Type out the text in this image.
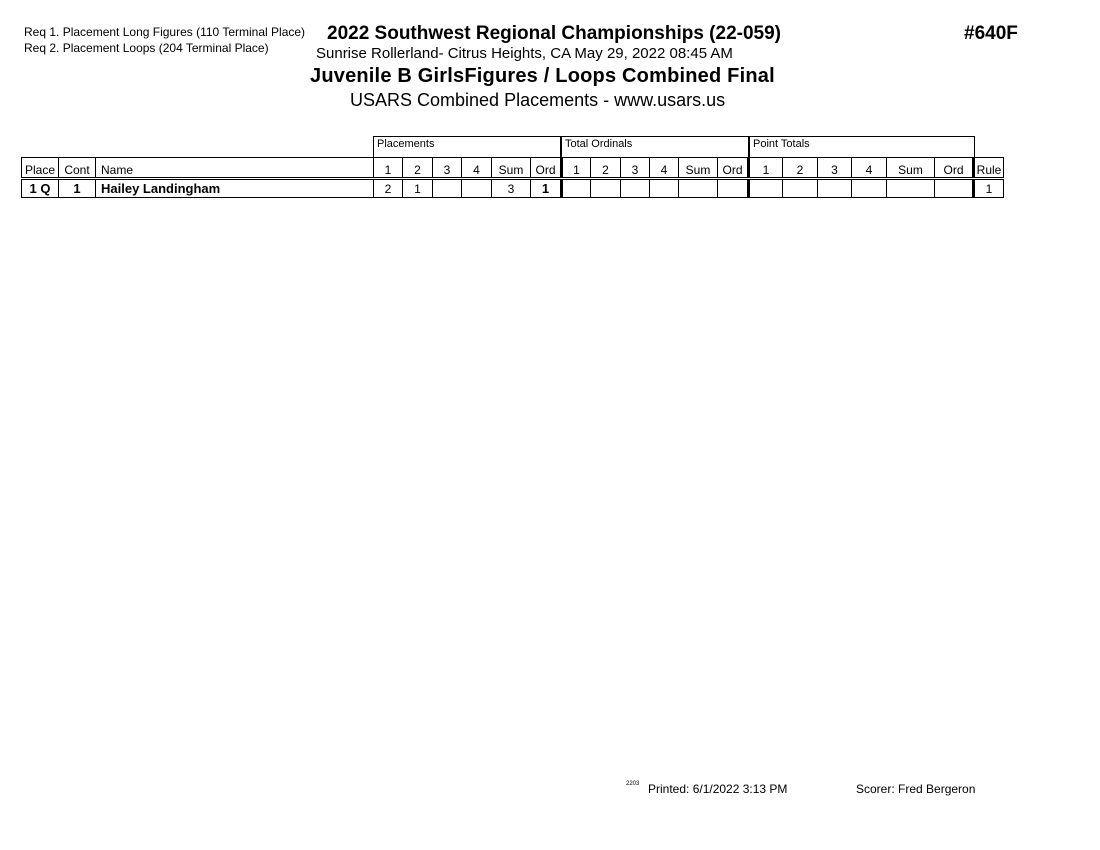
Req 1. Placement Long Figures (110 Terminal Place)
Req 2. Placement Loops (204 Terminal Place)
2022 Southwest Regional Championships (22-059)
Sunrise Rollerland- Citrus Heights, CA May 29, 2022 08:45 AM
Juvenile B GirlsFigures / Loops Combined Final
USARS Combined Placements - www.usars.us
#640F
Placements	Total Ordinals	Point Totals
Place	Cont	Name	1	2	3	4	Sum	Ord	1	2	3	4	Sum	Ord	1	2	3	4	Sum	Ord	Rule
1 Q	1	Hailey Landingham	2	1			3	1													1
2203 Printed: 6/1/2022 3:13 PM	Scorer: Fred Bergeron
